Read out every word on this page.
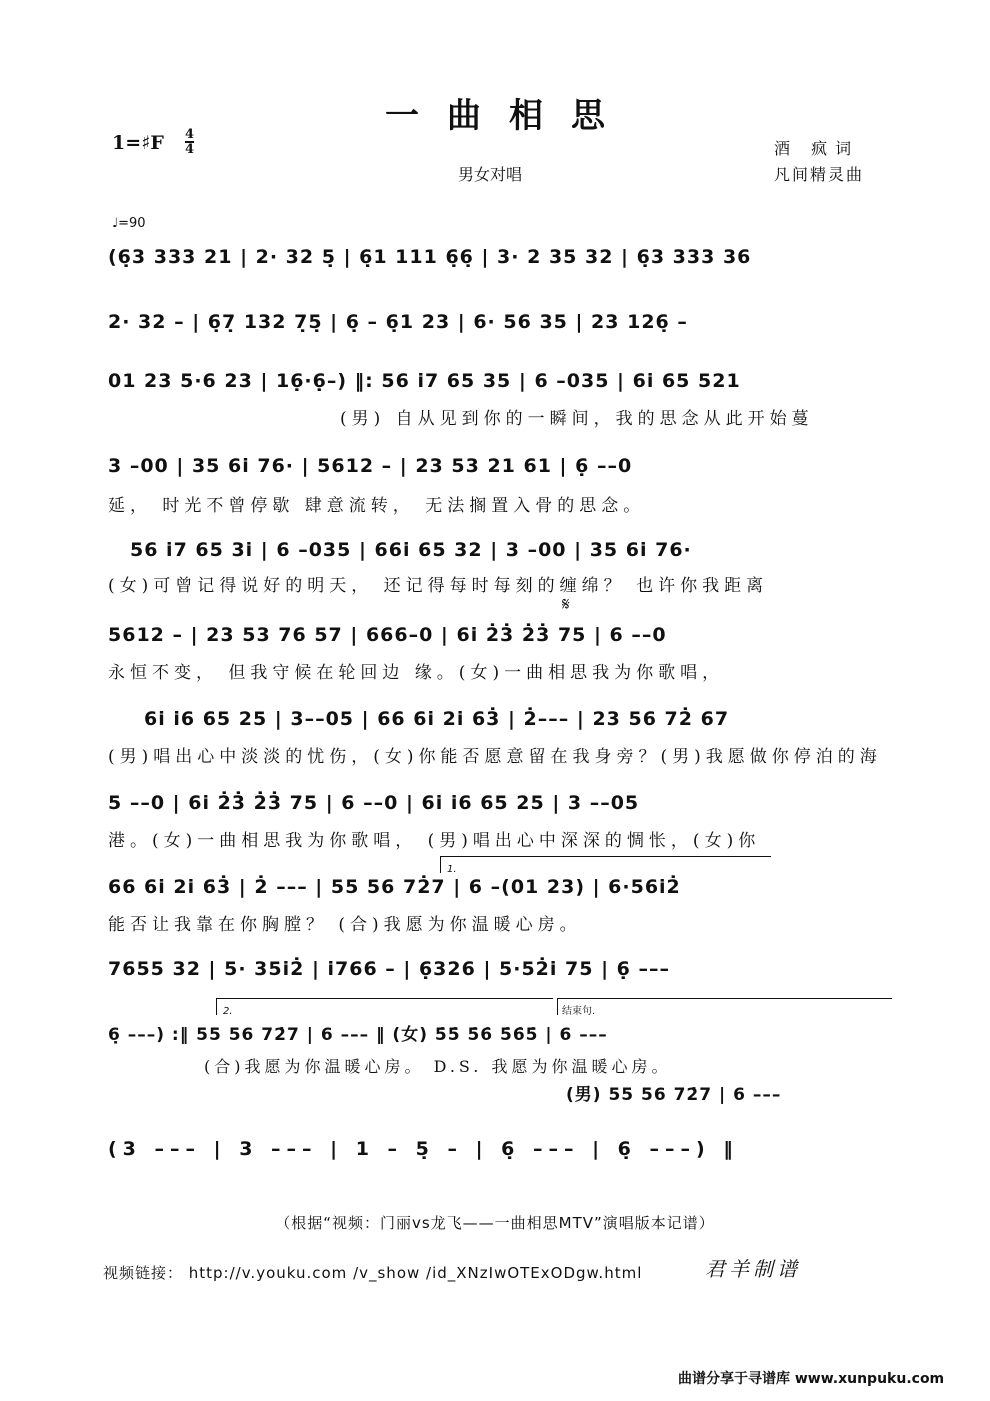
一曲相思
1=♯F 4
4	酒 疯词
凡间精灵曲
男女对唱
♩=90
(6̣3 333 21 | 2· 32 5̣ | 6̣1 111 6̣6̣ | 3· 2 35 32 | 6̣3 333 36
2· 32 – | 6̣7̣ 132 7̣5̣ | 6̣ – 6̣1 23 | 6· 56 35 | 23 126̣ –
01 23 5·6 23 | 16̣·6̣–) ‖: 56 i7 65 35 | 6 –035 | 6i 65 521
(男) 自从见到你的一瞬间，我的思念从此开始蔓
3 –00 | 35 6i 76· | 5612 – | 23 53 21 61 | 6̣ ––0
延， 时光不曾停歇 肆意流转， 无法搁置入骨的思念。
56 i7 65 3i | 6 –035 | 66i 65 32 | 3 –00 | 35 6i 76·
(女)可曾记得说好的明天， 还记得每时每刻的缠绵？ 也许你我距离
𝄋
5612 – | 23 53 76 57 | 666–0 | 6i 2̇3̇ 2̇3̇ 75 | 6 ––0
永恒不变， 但我守候在轮回边 缘。(女)一曲相思我为你歌唱，
6i i6 65 25 | 3––05 | 66 6i 2i 63̇ | 2̇––– | 23 56 72̇ 67
(男)唱出心中淡淡的忧伤，(女)你能否愿意留在我身旁？(男)我愿做你停泊的海
5 ––0 | 6i 2̇3̇ 2̇3̇ 75 | 6 ––0 | 6i i6 65 25 | 3 ––05
港。(女)一曲相思我为你歌唱， (男)唱出心中深深的惆怅，(女)你
1.
66 6i 2i 63̇ | 2̇ ––– | 55 56 72̇7 | 6 –(01 23) | 6·56i2̇
能否让我靠在你胸膛？ (合)我愿为你温暖心房。
7655 32 | 5· 35i2̇ | i766 – | 6̣326 | 5·52̇i 75 | 6̣ –––
2.	结束句.
6̣ –––) :‖ 55 56 72̇7 | 6 ––– ‖ (女) 5̇5̇ 5̇6̇ 5̇6̇5̇ | 6 –––
(合)我愿为你温暖心房。 D.S. 我愿为你温暖心房。
(男) 55 56 72̇7 | 6 –––
(3 ––– | 3 ––– | 1 – 5̣ – | 6̣ ––– | 6̣ –––) ‖
（根据“视频：门丽vs龙飞——一曲相思MTV”演唱版本记谱）
视频链接： http://v.youku.com /v_show /id_XNzIwOTExODgw.html	君羊制谱
曲谱分享于寻谱库 www.xunpuku.com
